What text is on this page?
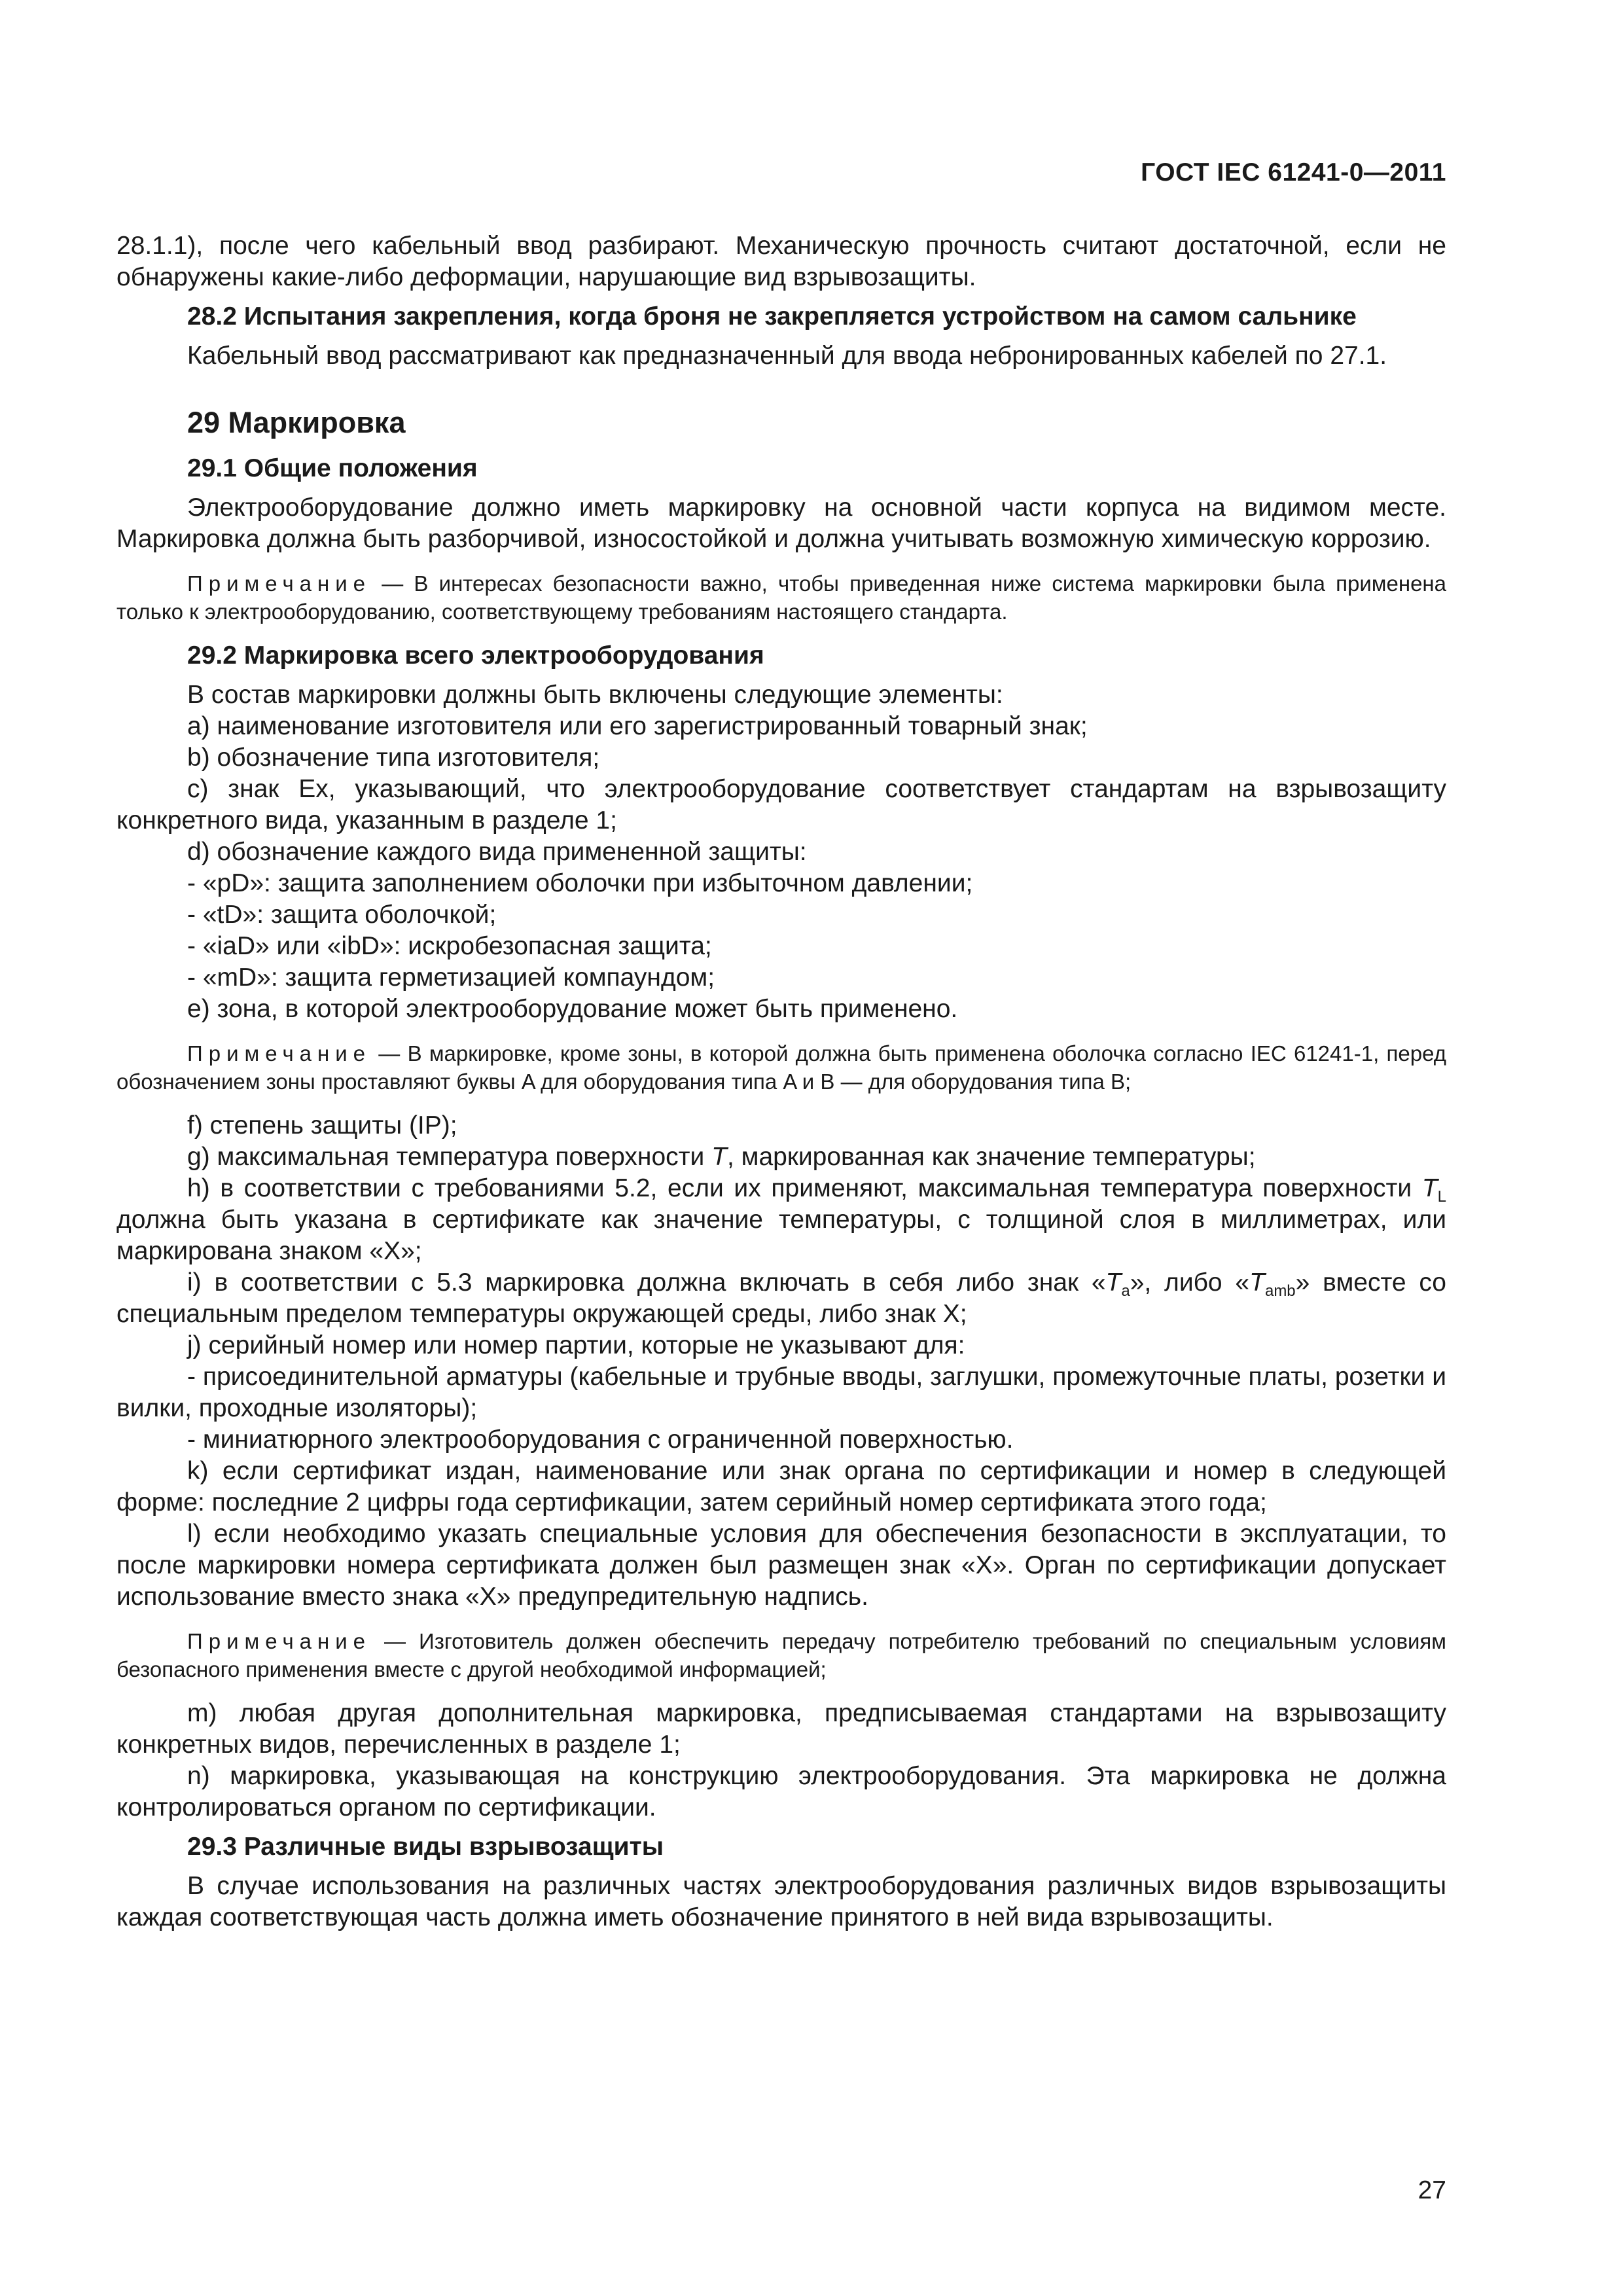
ГОСТ IEC 61241-0—2011

28.1.1), после чего кабельный ввод разбирают. Механическую прочность считают достаточной, если не обнаружены какие-либо деформации, нарушающие вид взрывозащиты.

28.2 Испытания закрепления, когда броня не закрепляется устройством на самом сальнике

Кабельный ввод рассматривают как предназначенный для ввода небронированных кабелей по 27.1.

29 Маркировка
29.1 Общие положения

Электрооборудование должно иметь маркировку на основной части корпуса на видимом месте. Маркировка должна быть разборчивой, износостойкой и должна учитывать возможную химическую коррозию.

Примечание — В интересах безопасности важно, чтобы приведенная ниже система маркировки была применена только к электрооборудованию, соответствующему требованиям настоящего стандарта.

29.2 Маркировка всего электрооборудования

В состав маркировки должны быть включены следующие элементы:

a) наименование изготовителя или его зарегистрированный товарный знак;

b) обозначение типа изготовителя;

c) знак Ex, указывающий, что электрооборудование соответствует стандартам на взрывозащиту конкретного вида, указанным в разделе 1;

d) обозначение каждого вида примененной защиты:

- «pD»: защита заполнением оболочки при избыточном давлении;

- «tD»: защита оболочкой;

- «iaD» или «ibD»: искробезопасная защита;

- «mD»: защита герметизацией компаундом;

e) зона, в которой электрооборудование может быть применено.

Примечание — В маркировке, кроме зоны, в которой должна быть применена оболочка согласно IEC 61241-1, перед обозначением зоны проставляют буквы A для оборудования типа A и B — для оборудования типа B;

f) степень защиты (IP);

g) максимальная температура поверхности T, маркированная как значение температуры;

h) в соответствии с требованиями 5.2, если их применяют, максимальная температура поверхности $T_L$ должна быть указана в сертификате как значение температуры, с толщиной слоя в миллиметрах, или маркирована знаком «X»;

i) в соответствии с 5.3 маркировка должна включать в себя либо знак «$T_a$», либо «$T_{amb}$» вместе со специальным пределом температуры окружающей среды, либо знак X;

j) серийный номер или номер партии, которые не указывают для:

- присоединительной арматуры (кабельные и трубные вводы, заглушки, промежуточные платы, розетки и вилки, проходные изоляторы);

- миниатюрного электрооборудования с ограниченной поверхностью.

k) если сертификат издан, наименование или знак органа по сертификации и номер в следующей форме: последние 2 цифры года сертификации, затем серийный номер сертификата этого года;

l) если необходимо указать специальные условия для обеспечения безопасности в эксплуатации, то после маркировки номера сертификата должен был размещен знак «X». Орган по сертификации допускает использование вместо знака «X» предупредительную надпись.

Примечание — Изготовитель должен обеспечить передачу потребителю требований по специальным условиям безопасного применения вместе с другой необходимой информацией;

m) любая другая дополнительная маркировка, предписываемая стандартами на взрывозащиту конкретных видов, перечисленных в разделе 1;

n) маркировка, указывающая на конструкцию электрооборудования. Эта маркировка не должна контролироваться органом по сертификации.

29.3 Различные виды взрывозащиты

В случае использования на различных частях электрооборудования различных видов взрывозащиты каждая соответствующая часть должна иметь обозначение принятого в ней вида взрывозащиты.

27
